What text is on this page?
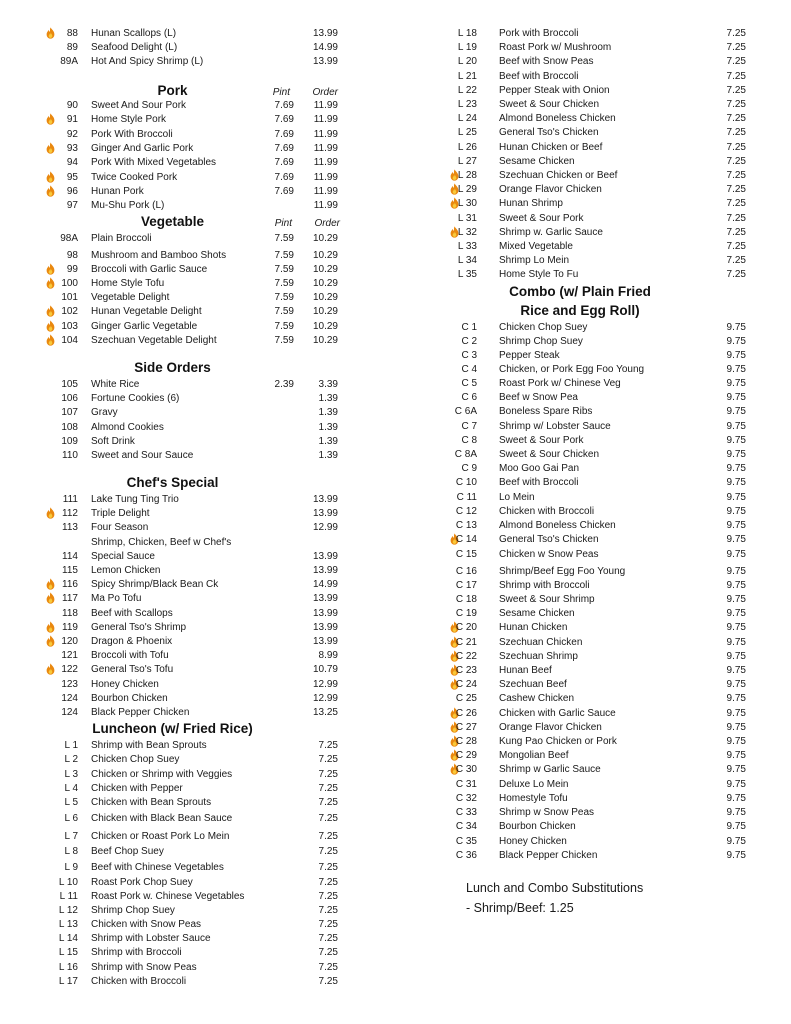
88 Hunan Scallops (L)	13.99
89 Seafood Delight (L)	14.99
89A Hot And Spicy Shrimp (L)	13.99
Pork	Pint Order
90 Sweet And Sour Pork	7.69 11.99
91 Home Style Pork	7.69 11.99
92 Pork With Broccoli	7.69 11.99
93 Ginger And Garlic Pork	7.69 11.99
94 Pork With Mixed Vegetables	7.69 11.99
95 Twice Cooked Pork	7.69 11.99
96 Hunan Pork	7.69 11.99
97 Mu-Shu Pork (L)	11.99
Vegetable	Pint Order
98A Plain Broccoli	7.59 10.29
98 Mushroom and Bamboo Shots	7.59 10.29
99 Broccoli with Garlic Sauce	7.59 10.29
100 Home Style Tofu	7.59 10.29
101 Vegetable Delight	7.59 10.29
102 Hunan Vegetable Delight	7.59 10.29
103 Ginger Garlic Vegetable	7.59 10.29
104 Szechuan Vegetable Delight	7.59 10.29
Side Orders
105 White Rice	2.39 3.39
106 Fortune Cookies (6)	1.39
107 Gravy	1.39
108 Almond Cookies	1.39
109 Soft Drink	1.39
110 Sweet and Sour Sauce	1.39
Chef's Special
111 Lake Tung Ting Trio	13.99
112 Triple Delight	13.99
113 Four Season	12.99
Shrimp, Chicken, Beef w Chef's
114 Special Sauce	13.99
115 Lemon Chicken	13.99
116 Spicy Shrimp/Black Bean Ck	14.99
117 Ma Po Tofu	13.99
118 Beef with Scallops	13.99
119 General Tso's Shrimp	13.99
120 Dragon & Phoenix	13.99
121 Broccoli with Tofu	8.99
122 General Tso's Tofu	10.79
123 Honey Chicken	12.99
124 Bourbon Chicken	12.99
124 Black Pepper Chicken	13.25
Luncheon (w/ Fried Rice)
L 1 Shrimp with Bean Sprouts	7.25
L 2 Chicken Chop Suey	7.25
L 3 Chicken or Shrimp with Veggies	7.25
L 4 Chicken with Pepper	7.25
L 5 Chicken with Bean Sprouts	7.25
L 6 Chicken with Black Bean Sauce	7.25
L 7 Chicken or Roast Pork Lo Mein	7.25
L 8 Beef Chop Suey	7.25
L 9 Beef with Chinese Vegetables	7.25
L 10 Roast Pork Chop Suey	7.25
L 11 Roast Pork w. Chinese Vegetables	7.25
L 12 Shrimp Chop Suey	7.25
L 13 Chicken with Snow Peas	7.25
L 14 Shrimp with Lobster Sauce	7.25
L 15 Shrimp with Broccoli	7.25
L 16 Shrimp with Snow Peas	7.25
L 17 Chicken with Broccoli	7.25
L 18 Pork with Broccoli	7.25
L 19 Roast Pork w/ Mushroom	7.25
L 20 Beef with Snow Peas	7.25
L 21 Beef with Broccoli	7.25
L 22 Pepper Steak with Onion	7.25
L 23 Sweet & Sour Chicken	7.25
L 24 Almond Boneless Chicken	7.25
L 25 General Tso's Chicken	7.25
L 26 Hunan Chicken or Beef	7.25
L 27 Sesame Chicken	7.25
L 28 Szechuan Chicken or Beef	7.25
L 29 Orange Flavor Chicken	7.25
L 30 Hunan Shrimp	7.25
L 31 Sweet & Sour Pork	7.25
L 32 Shrimp w. Garlic Sauce	7.25
L 33 Mixed Vegetable	7.25
L 34 Shrimp Lo Mein	7.25
L 35 Home Style To Fu	7.25
Combo (w/ Plain Fried
Rice and Egg Roll)
C 1 Chicken Chop Suey	9.75
C 2 Shrimp Chop Suey	9.75
C 3 Pepper Steak	9.75
C 4 Chicken, or Pork Egg Foo Young	9.75
C 5 Roast Pork w/ Chinese Veg	9.75
C 6 Beef w Snow Pea	9.75
C 6A Boneless Spare Ribs	9.75
C 7 Shrimp w/ Lobster Sauce	9.75
C 8 Sweet & Sour Pork	9.75
C 8A Sweet & Sour Chicken	9.75
C 9 Moo Goo Gai Pan	9.75
C 10 Beef with Broccoli	9.75
C 11 Lo Mein	9.75
C 12 Chicken with Broccoli	9.75
C 13 Almond Boneless Chicken	9.75
C 14 General Tso's Chicken	9.75
C 15 Chicken w Snow Peas	9.75
C 16 Shrimp/Beef Egg Foo Young	9.75
C 17 Shrimp with Broccoli	9.75
C 18 Sweet & Sour Shrimp	9.75
C 19 Sesame Chicken	9.75
C 20 Hunan Chicken	9.75
C 21 Szechuan Chicken	9.75
C 22 Szechuan Shrimp	9.75
C 23 Hunan Beef	9.75
C 24 Szechuan Beef	9.75
C 25 Cashew Chicken	9.75
C 26 Chicken with Garlic Sauce	9.75
C 27 Orange Flavor Chicken	9.75
C 28 Kung Pao Chicken or Pork	9.75
C 29 Mongolian Beef	9.75
C 30 Shrimp w Garlic Sauce	9.75
C 31 Deluxe Lo Mein	9.75
C 32 Homestyle Tofu	9.75
C 33 Shrimp w Snow Peas	9.75
C 34 Bourbon Chicken	9.75
C 35 Honey Chicken	9.75
C 36 Black Pepper Chicken	9.75
Lunch and Combo Substitutions
- Shrimp/Beef: 1.25
